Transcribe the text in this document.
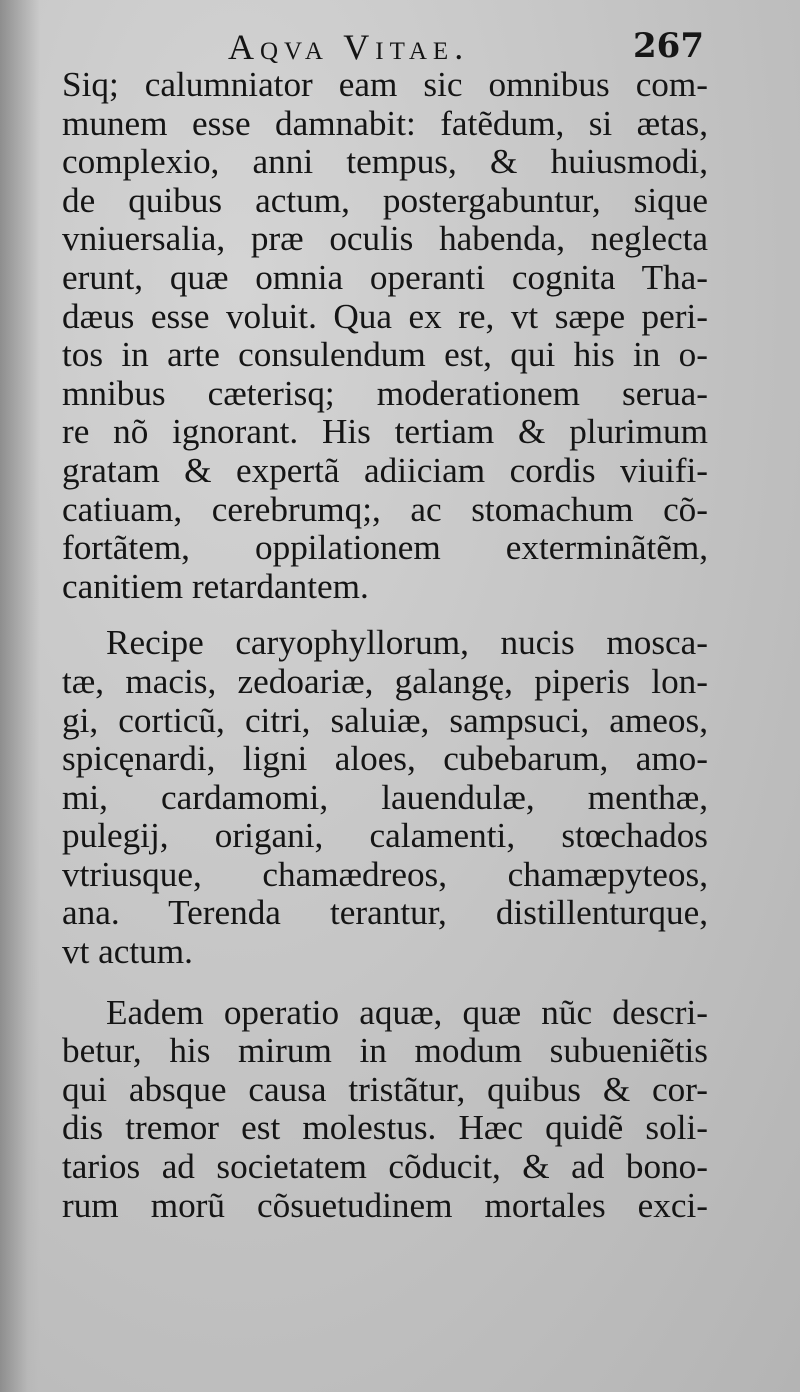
Aqva Vitae.	267
Siq; calumniator eam sic omnibus com-
munem esse damnabit: fatẽdum, si ætas,
complexio, anni tempus, & huiusmodi,
de quibus actum, postergabuntur, sique
vniuersalia, præ oculis habenda, neglecta
erunt, quæ omnia operanti cognita Tha-
dæus esse voluit. Qua ex re, vt sæpe peri-
tos in arte consulendum est, qui his in o-
mnibus cæterisq; moderationem serua-
re nõ ignorant. His tertiam & plurimum
gratam & expertã adiiciam cordis viuifi-
catiuam, cerebrumq;, ac stomachum cõ-
fortãtem, oppilationem exterminãtẽm,
canitiem retardantem.
Recipe caryophyllorum, nucis mosca-
tæ, macis, zedoariæ, galangę, piperis lon-
gi, corticũ, citri, saluiæ, sampsuci, ameos,
spicęnardi, ligni aloes, cubebarum, amo-
mi, cardamomi, lauendulæ, menthæ,
pulegij, origani, calamenti, stœchados
vtriusque, chamædreos, chamæpyteos,
ana. Terenda terantur, distillenturque,
vt actum.
Eadem operatio aquæ, quæ nũc descri-
betur, his mirum in modum subueniẽtis
qui absque causa tristãtur, quibus & cor-
dis tremor est molestus. Hæc quidẽ soli-
tarios ad societatem cõducit, & ad bono-
rum morũ cõsuetudinem mortales exci-
